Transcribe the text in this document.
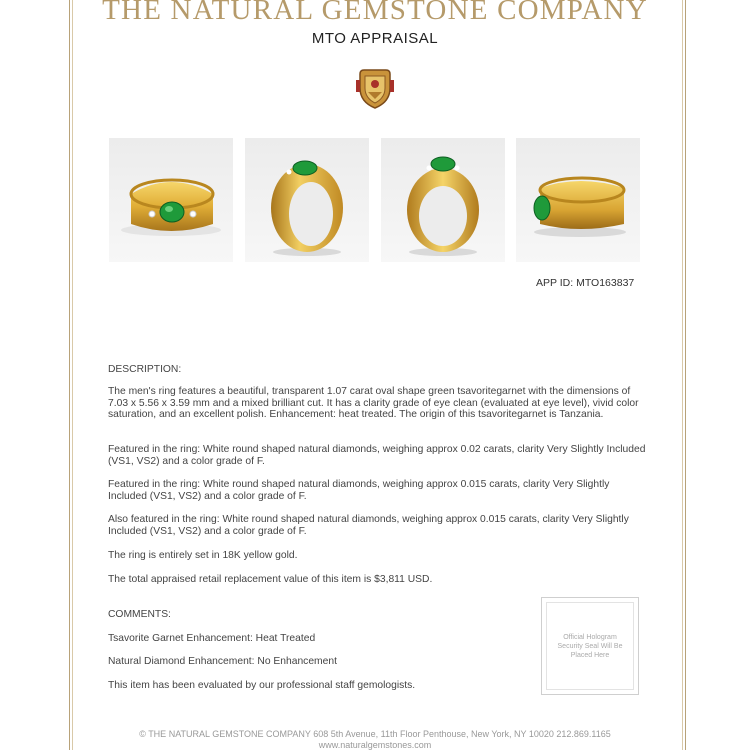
THE NATURAL GEMSTONE COMPANY
MTO APPRAISAL
APP ID: MTO163837
DESCRIPTION:
The men's ring features a beautiful, transparent 1.07 carat oval shape green tsavoritegarnet with the dimensions of 7.03 x 5.56 x 3.59 mm and a mixed brilliant cut. It has a clarity grade of eye clean (evaluated at eye level), vivid color saturation, and an excellent polish. Enhancement: heat treated. The origin of this tsavoritegarnet is Tanzania.
Featured in the ring: White round shaped natural diamonds, weighing approx 0.02 carats, clarity Very Slightly Included (VS1, VS2) and a color grade of F.
Featured in the ring: White round shaped natural diamonds, weighing approx 0.015 carats, clarity Very Slightly Included (VS1, VS2) and a color grade of F.
Also featured in the ring: White round shaped natural diamonds, weighing approx 0.015 carats, clarity Very Slightly Included (VS1, VS2) and a color grade of F.
The ring is entirely set in 18K yellow gold.
The total appraised retail replacement value of this item is $3,811 USD.
COMMENTS:
Tsavorite Garnet Enhancement: Heat Treated
Natural Diamond Enhancement: No Enhancement
This item has been evaluated by our professional staff gemologists.
Official Hologram Security Seal Will Be Placed Here
© THE NATURAL GEMSTONE COMPANY 608 5th Avenue, 11th Floor Penthouse, New York, NY 10020 212.869.1165
www.naturalgemstones.com
